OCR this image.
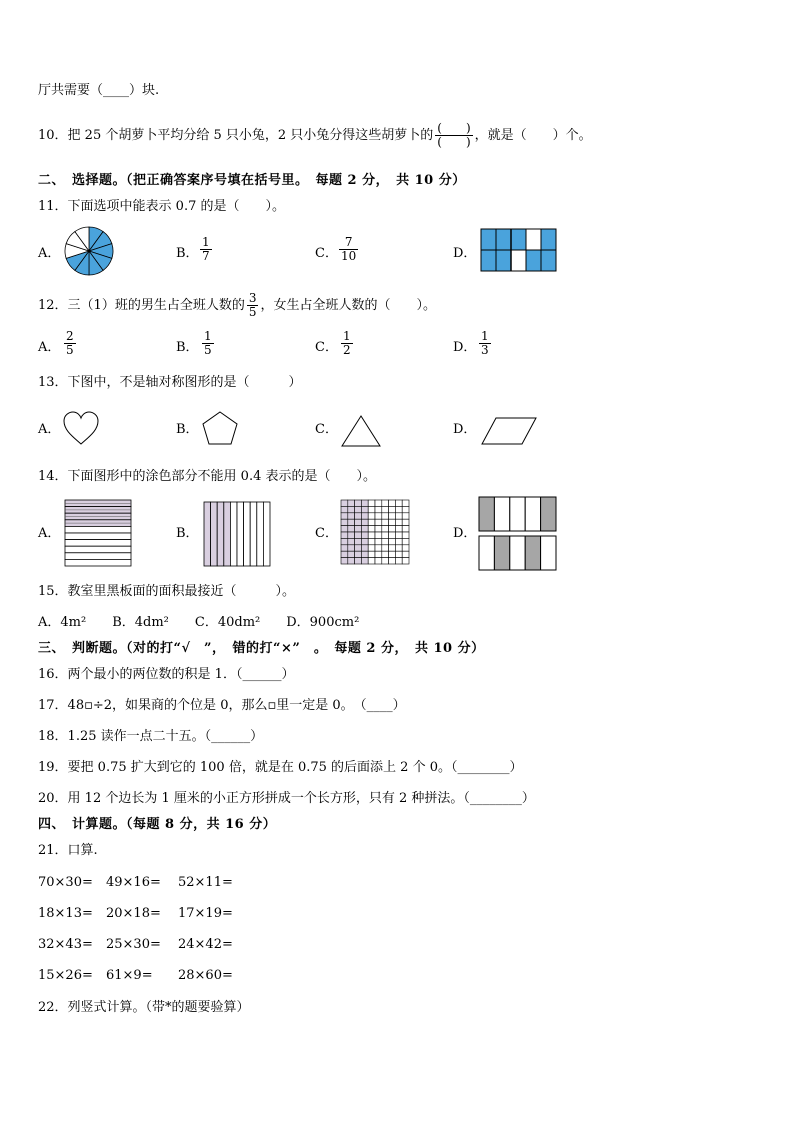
厅共需要（____）块.
10．把 25 个胡萝卜平均分给 5 只小兔，2 只小兔分得这些胡萝卜的 $\frac{( )}{( )}$ ，就是（　　）个。
二、　选择题。（把正确答案序号填在括号里。　每题 2 分，　共 10 分）
11．下面选项中能表示 0.7 的是（　　）。
A．	B． $\frac{1}{7}$	C． $\frac{7}{10}$	D．
12．三（1）班的男生占全班人数的 $\frac{3}{5}$ ，女生占全班人数的（　　）。
A． $\frac{2}{5}$	B． $\frac{1}{5}$	C． $\frac{1}{2}$	D． $\frac{1}{3}$
13．下图中，不是轴对称图形的是（　　　）
A．	B．	C．	D．
14．下面图形中的涂色部分不能用 0.4 表示的是（　　）。
A．	B．	C．	D．
15．教室里黑板面的面积最接近（　　　）。
A．4m²　　B．4dm²　　C．40dm²　　D．900cm²
三、　判断题。（对的打“√　”，　错的打“×”　。　每题 2 分，　共 10 分）
16．两个最小的两位数的积是 1．（______）
17．48▫÷2，如果商的个位是 0，那么▫里一定是 0。　（____）
18．1.25 读作一点二十五。（______）
19．要把 0.75 扩大到它的 100 倍，就是在 0.75 的后面添上 2 个 0。（________）
20．用 12 个边长为 1 厘米的小正方形拼成一个长方形，只有 2 种拼法。（________）
四、　计算题。（每题 8 分，共 16 分）
21．口算.
70×30= 49×16= 52×11=
18×13= 20×18= 17×19=
32×43= 25×30= 24×42=
15×26= 61×9= 28×60=
22．列竖式计算。（带*的题要验算）
